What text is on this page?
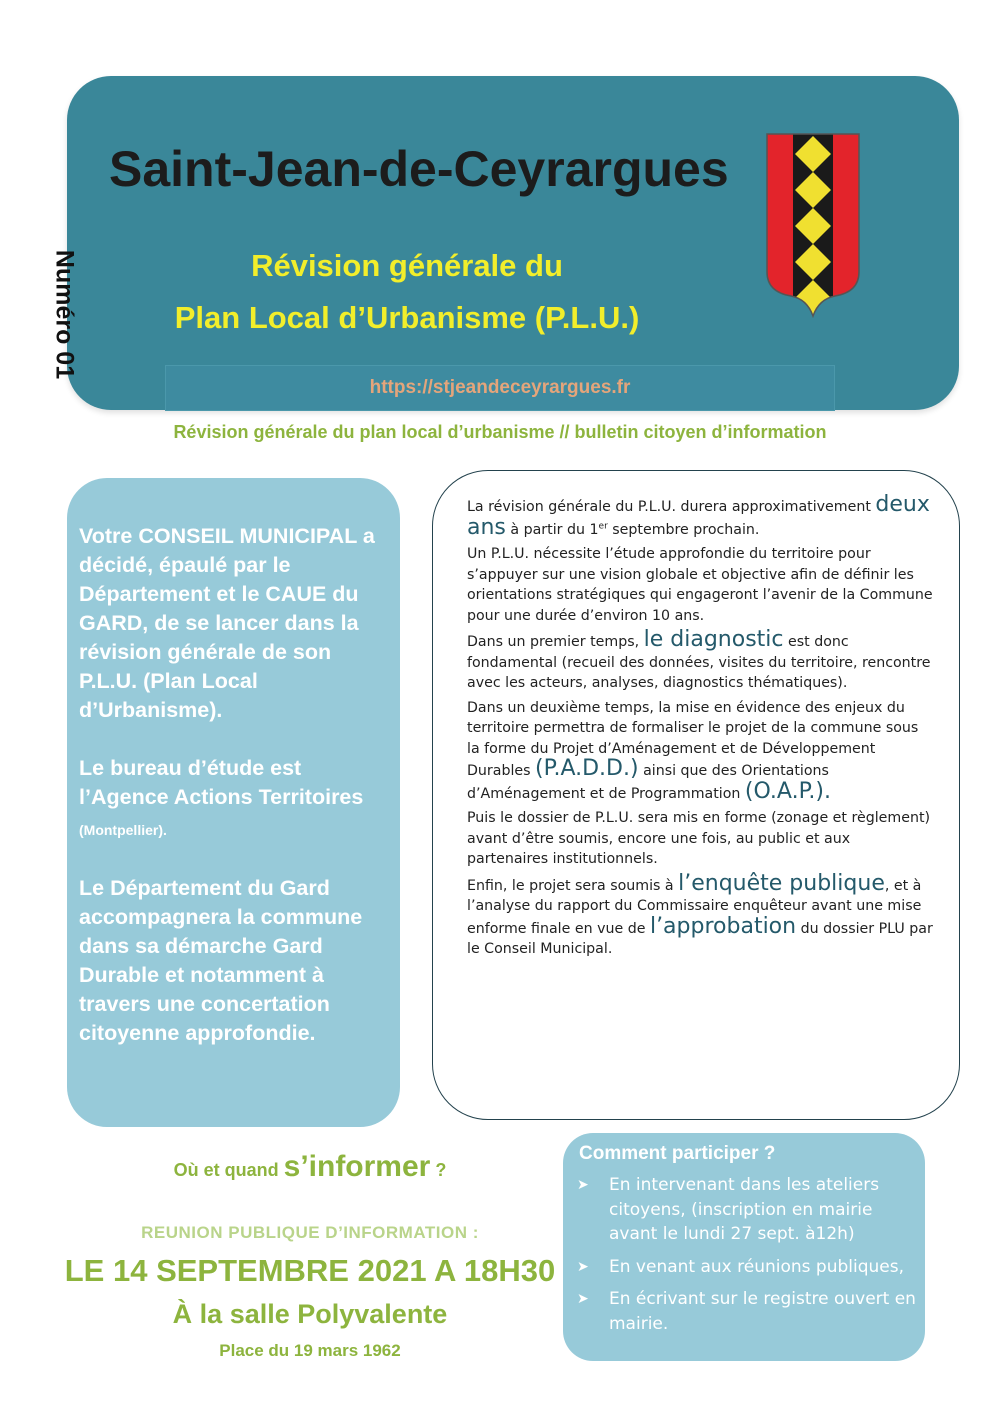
Saint-Jean-de-Ceyrargues
Révision générale du
Plan Local d’Urbanisme (P.L.U.)
https://stjeandeceyrargues.fr
Numéro 01

Révision générale du plan local d’urbanisme // bulletin citoyen d’information

Votre CONSEIL MUNICIPAL a décidé, épaulé par le Département et le CAUE du GARD, de se lancer dans la révision générale de son P.L.U. (Plan Local d’Urbanisme).

Le bureau d’étude est l’Agence Actions Territoires (Montpellier).

Le Département du Gard accompagnera la commune dans sa démarche Gard Durable et notamment à travers une concertation citoyenne approfondie.

La révision générale du P.L.U. durera approximativement deux ans à partir du 1er septembre prochain.

Un P.L.U. nécessite l’étude approfondie du territoire pour s’appuyer sur une vision globale et objective afin de définir les orientations stratégiques qui engageront l’avenir de la Commune pour une durée d’environ 10 ans.

Dans un premier temps, le diagnostic est donc fondamental (recueil des données, visites du territoire, rencontre avec les acteurs, analyses, diagnostics thématiques).

Dans un deuxième temps, la mise en évidence des enjeux du territoire permettra de formaliser le projet de la commune sous la forme du Projet d’Aménagement et de Développement Durables (P.A.D.D.) ainsi que des Orientations d’Aménagement et de Programmation (O.A.P.).

Puis le dossier de P.L.U. sera mis en forme (zonage et règlement) avant d’être soumis, encore une fois, au public et aux partenaires institutionnels.

Enfin, le projet sera soumis à l’enquête publique, et à l’analyse du rapport du Commissaire enquêteur avant une mise enforme finale en vue de l’approbation du dossier PLU par le Conseil Municipal.

Où et quand s’informer ?
REUNION PUBLIQUE D’INFORMATION :
LE 14 SEPTEMBRE 2021 A 18H30
À la salle Polyvalente
Place du 19 mars 1962

Comment participer ?

➤	En intervenant dans les ateliers citoyens, (inscription en mairie avant le lundi 27 sept. à12h)
➤	En venant aux réunions publiques,
➤	En écrivant sur le registre ouvert en mairie.
